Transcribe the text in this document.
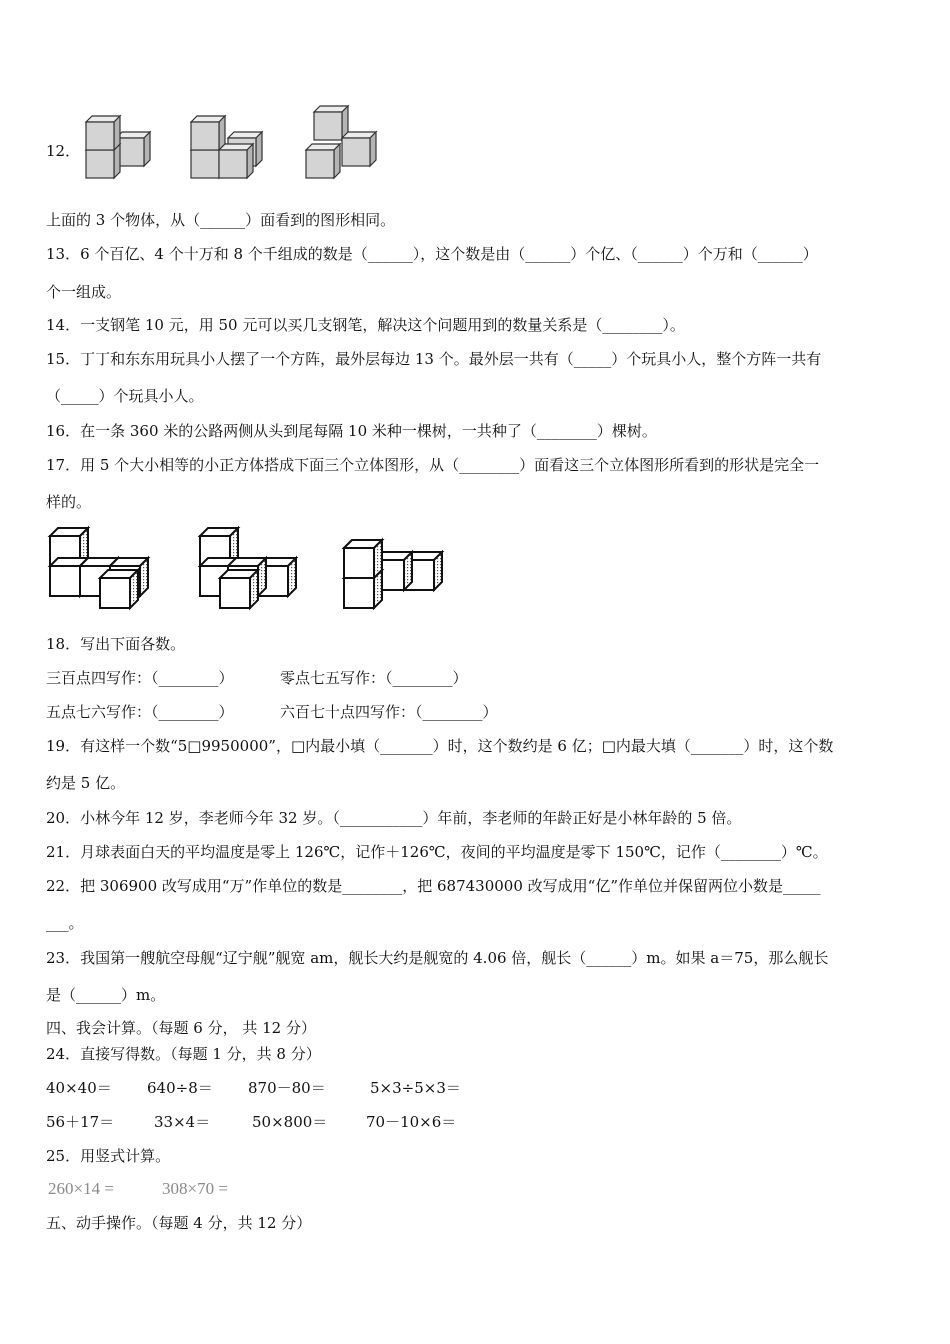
12．
上面的 3 个物体，从（______）面看到的图形相同。
13．6 个百亿、4 个十万和 8 个千组成的数是（______），这个数是由（______）个亿、（______）个万和（______）
个一组成。
14．一支钢笔 10 元，用 50 元可以买几支钢笔，解决这个问题用到的数量关系是（________）。
15．丁丁和东东用玩具小人摆了一个方阵，最外层每边 13 个。最外层一共有（_____）个玩具小人，整个方阵一共有
（_____）个玩具小人。
16．在一条 360 米的公路两侧从头到尾每隔 10 米种一棵树，一共种了（________）棵树。
17．用 5 个大小相等的小正方体搭成下面三个立体图形，从（________）面看这三个立体图形所看到的形状是完全一
样的。
18．写出下面各数。
三百点四写作：（________）	零点七五写作：（________）
五点七六写作：（________）	六百七十点四写作：（________）
19．有这样一个数“5□9950000”，□内最小填（_______）时，这个数约是 6 亿；□内最大填（_______）时，这个数
约是 5 亿。
20．小林今年 12 岁，李老师今年 32 岁。（___________）年前，李老师的年龄正好是小林年龄的 5 倍。
21．月球表面白天的平均温度是零上 126℃，记作＋126℃，夜间的平均温度是零下 150℃，记作（________）℃。
22．把 306900 改写成用“万”作单位的数是________，把 687430000 改写成用“亿”作单位并保留两位小数是_____
___。
23．我国第一艘航空母舰“辽宁舰”舰宽 am，舰长大约是舰宽的 4.06 倍，舰长（______）m。如果 a＝75，那么舰长
是（______）m。
四、我会计算。（每题 6 分， 共 12 分）
24．直接写得数。（每题 1 分，共 8 分）
40×40＝ 640÷8＝ 870－80＝	5×3÷5×3＝
56＋17＝	33×4＝	50×800＝	70－10×6＝
25．用竖式计算。
260×14 =	308×70 =
五、动手操作。（每题 4 分，共 12 分）
